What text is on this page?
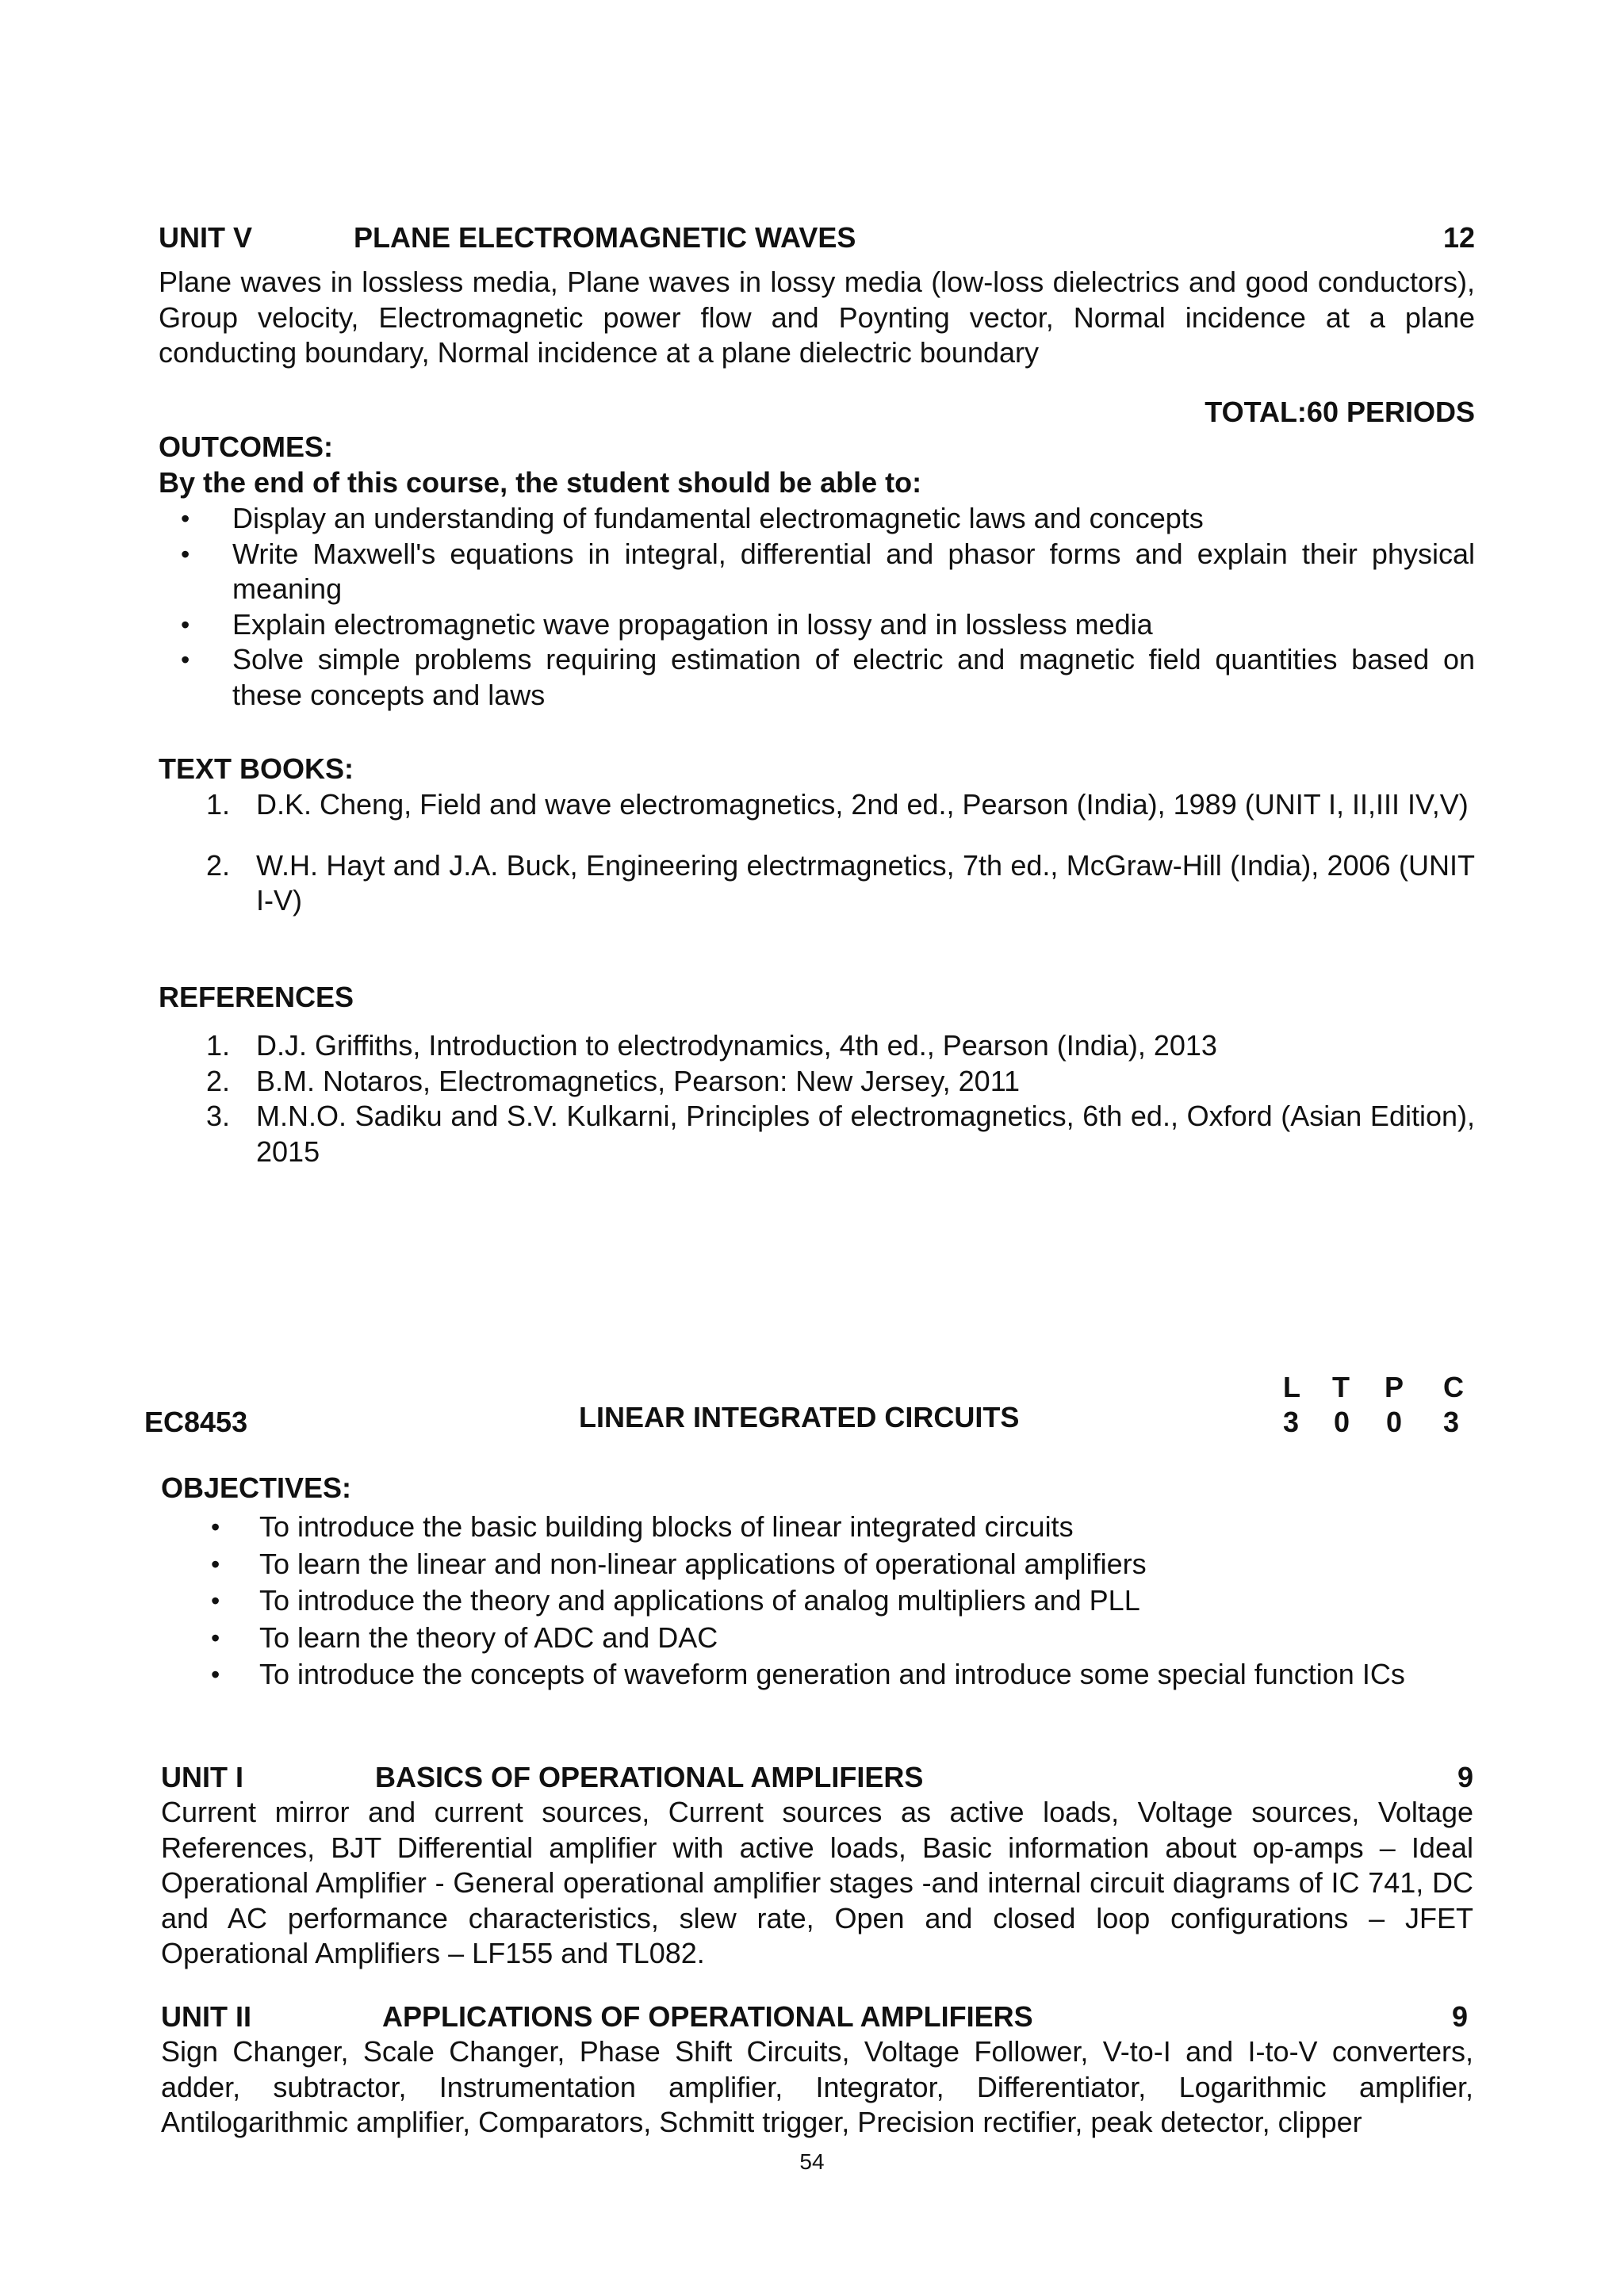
UNIT V	PLANE ELECTROMAGNETIC WAVES	12

Plane waves in lossless media, Plane waves in lossy media (low-loss dielectrics and good conductors), Group velocity, Electromagnetic power flow and Poynting vector, Normal incidence at a plane conducting boundary, Normal incidence at a plane dielectric boundary

TOTAL:60 PERIODS
OUTCOMES:
By the end of this course, the student should be able to:
• Display an understanding of fundamental electromagnetic laws and concepts
• Write Maxwell's equations in integral, differential and phasor forms and explain their physical meaning
• Explain electromagnetic wave propagation in lossy and in lossless media
• Solve simple problems requiring estimation of electric and magnetic field quantities based on these concepts and laws
TEXT BOOKS:
1. D.K. Cheng, Field and wave electromagnetics, 2nd ed., Pearson (India), 1989 (UNIT I, II,III IV,V)
2. W.H. Hayt and J.A. Buck, Engineering electrmagnetics, 7th ed., McGraw-Hill (India), 2006 (UNIT I-V)
REFERENCES
1. D.J. Griffiths, Introduction to electrodynamics, 4th ed., Pearson (India), 2013
2. B.M. Notaros, Electromagnetics, Pearson: New Jersey, 2011
3. M.N.O. Sadiku and S.V. Kulkarni, Principles of electromagnetics, 6th ed., Oxford (Asian Edition), 2015
L T P C
EC8453	LINEAR INTEGRATED CIRCUITS	3 0 0 3
OBJECTIVES:
• To introduce the basic building blocks of linear integrated circuits
• To learn the linear and non-linear applications of operational amplifiers
• To introduce the theory and applications of analog multipliers and PLL
• To learn the theory of ADC and DAC
• To introduce the concepts of waveform generation and introduce some special function ICs
UNIT I	BASICS OF OPERATIONAL AMPLIFIERS	9

Current mirror and current sources, Current sources as active loads, Voltage sources, Voltage References, BJT Differential amplifier with active loads, Basic information about op-amps – Ideal Operational Amplifier - General operational amplifier stages -and internal circuit diagrams of IC 741, DC and AC performance characteristics, slew rate, Open and closed loop configurations – JFET Operational Amplifiers – LF155 and TL082.

UNIT II	APPLICATIONS OF OPERATIONAL AMPLIFIERS	9

Sign Changer, Scale Changer, Phase Shift Circuits, Voltage Follower, V-to-I and I-to-V converters, adder, subtractor, Instrumentation amplifier, Integrator, Differentiator, Logarithmic amplifier, Antilogarithmic amplifier, Comparators, Schmitt trigger, Precision rectifier, peak detector, clipper

54
